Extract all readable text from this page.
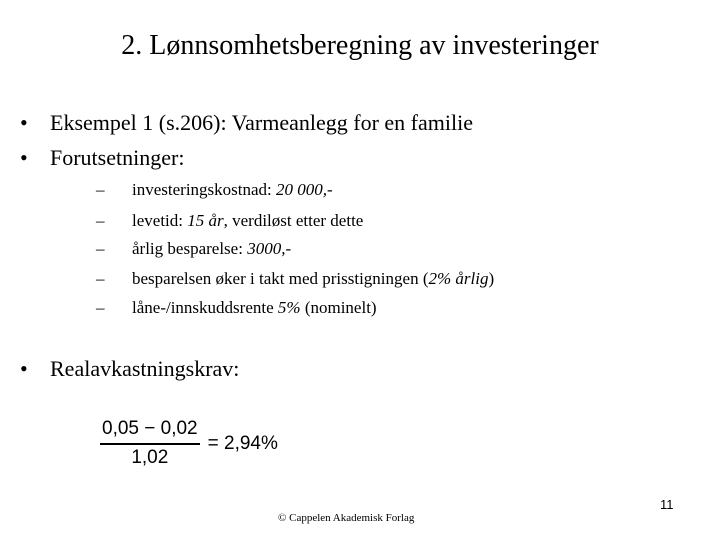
2. Lønnsomhetsberegning av investeringer
• Eksempel 1 (s.206): Varmeanlegg for en familie
• Forutsetninger:
– investeringskostnad: 20 000,-
– levetid: 15 år, verdiløst etter dette
– årlig besparelse: 3000,-
– besparelsen øker i takt med prisstigningen (2% årlig)
– låne-/innskuddsrente 5% (nominelt)
• Realavkastningskrav:
$\frac{0,05 - 0,02}{1,02} = 2,94\%$
© Cappelen Akademisk Forlag
11
